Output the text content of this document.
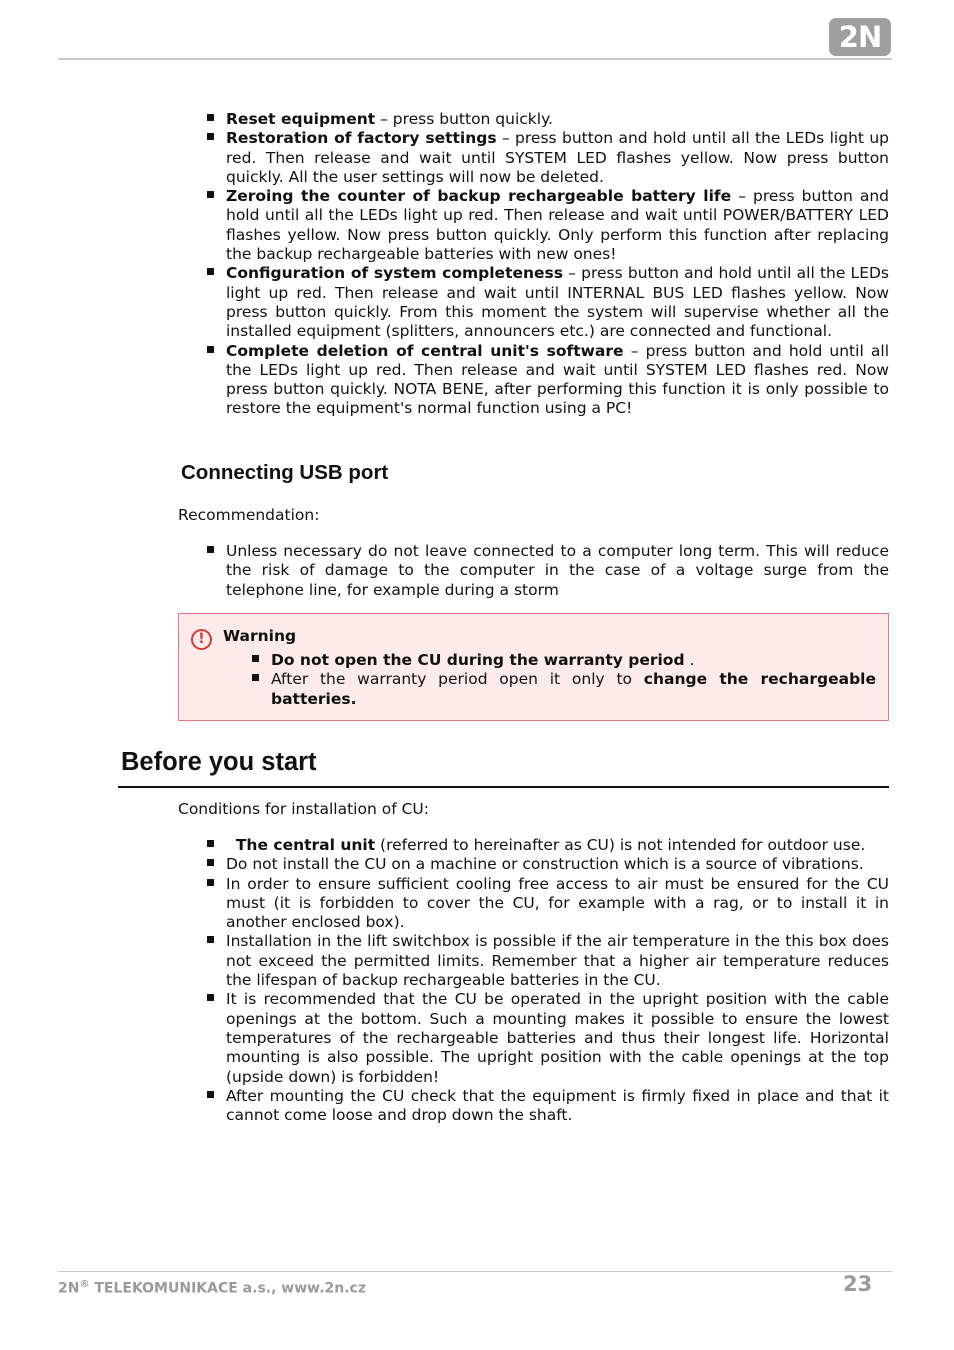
2N
Reset equipment – press button quickly.
Restoration of factory settings – press button and hold until all the LEDs light up red. Then release and wait until SYSTEM LED flashes yellow. Now press button quickly. All the user settings will now be deleted.
Zeroing the counter of backup rechargeable battery life – press button and hold until all the LEDs light up red. Then release and wait until POWER/BATTERY LED flashes yellow. Now press button quickly. Only perform this function after replacing the backup rechargeable batteries with new ones!
Configuration of system completeness – press button and hold until all the LEDs light up red. Then release and wait until INTERNAL BUS LED flashes yellow. Now press button quickly. From this moment the system will supervise whether all the installed equipment (splitters, announcers etc.) are connected and functional.
Complete deletion of central unit's software – press button and hold until all the LEDs light up red. Then release and wait until SYSTEM LED flashes red. Now press button quickly. NOTA BENE, after performing this function it is only possible to restore the equipment's normal function using a PC!
Connecting USB port
Recommendation:
Unless necessary do not leave connected to a computer long term. This will reduce the risk of damage to the computer in the case of a voltage surge from the telephone line, for example during a storm
!	Warning
Do not open the CU during the warranty period .
After the warranty period open it only to change the rechargeable batteries.
Before you start
Conditions for installation of CU:
The central unit (referred to hereinafter as CU) is not intended for outdoor use.
Do not install the CU on a machine or construction which is a source of vibrations.
In order to ensure sufficient cooling free access to air must be ensured for the CU must (it is forbidden to cover the CU, for example with a rag, or to install it in another enclosed box).
Installation in the lift switchbox is possible if the air temperature in the this box does not exceed the permitted limits. Remember that a higher air temperature reduces the lifespan of backup rechargeable batteries in the CU.
It is recommended that the CU be operated in the upright position with the cable openings at the bottom. Such a mounting makes it possible to ensure the lowest temperatures of the rechargeable batteries and thus their longest life. Horizontal mounting is also possible. The upright position with the cable openings at the top (upside down) is forbidden!
After mounting the CU check that the equipment is firmly fixed in place and that it cannot come loose and drop down the shaft.
2N® TELEKOMUNIKACE a.s., www.2n.cz	23
